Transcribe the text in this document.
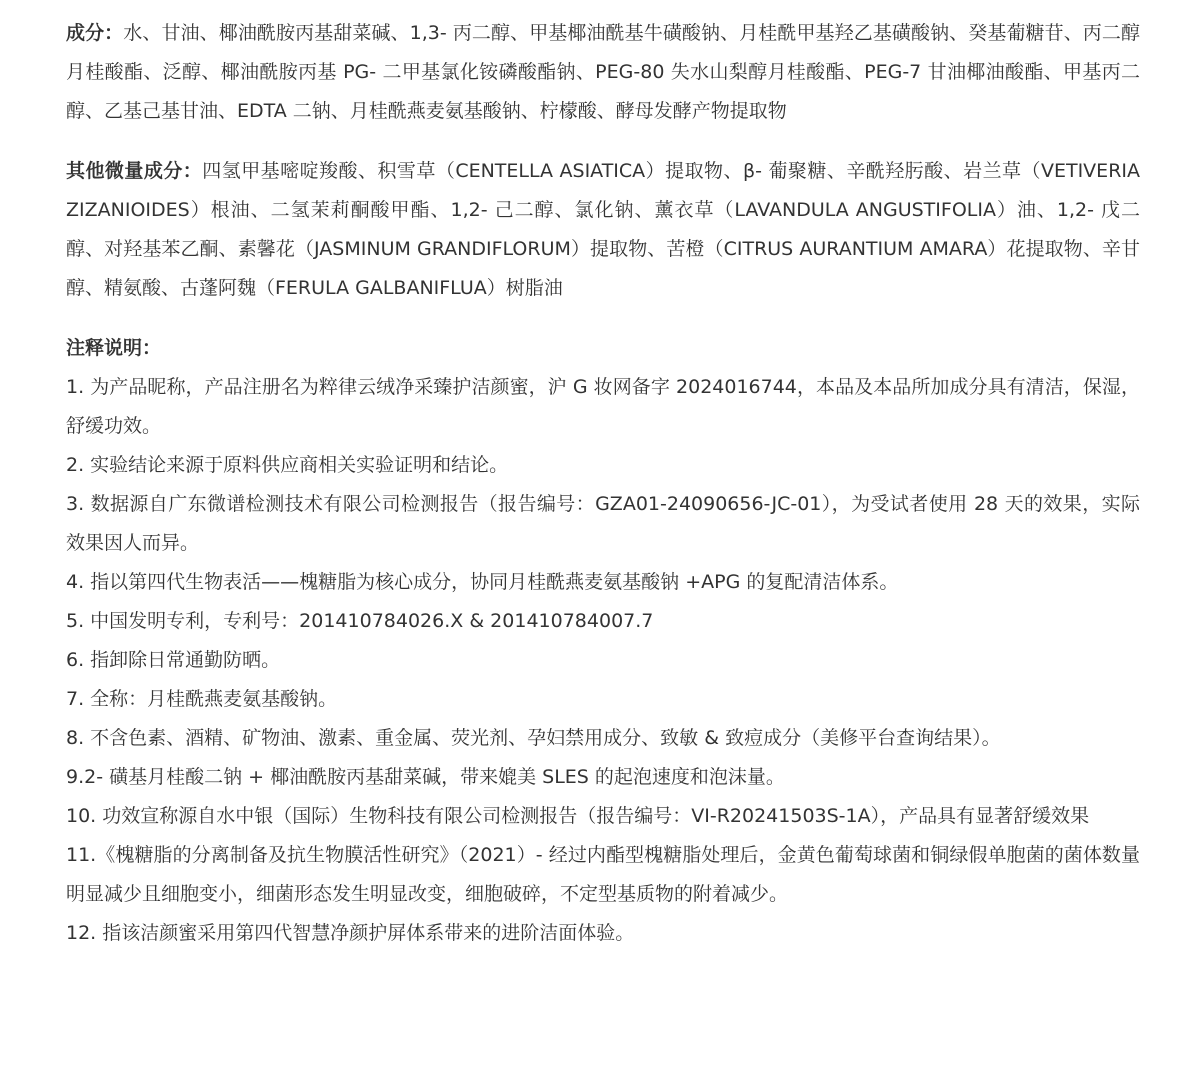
成分：水、甘油、椰油酰胺丙基甜菜碱、1,3- 丙二醇、甲基椰油酰基牛磺酸钠、月桂酰甲基羟乙基磺酸钠、癸基葡糖苷、丙二醇月桂酸酯、泛醇、椰油酰胺丙基 PG- 二甲基氯化铵磷酸酯钠、PEG-80 失水山梨醇月桂酸酯、PEG-7 甘油椰油酸酯、甲基丙二醇、乙基己基甘油、EDTA 二钠、月桂酰燕麦氨基酸钠、柠檬酸、酵母发酵产物提取物

其他微量成分：四氢甲基嘧啶羧酸、积雪草（CENTELLA ASIATICA）提取物、β- 葡聚糖、辛酰羟肟酸、岩兰草（VETIVERIA ZIZANIOIDES）根油、二氢茉莉酮酸甲酯、1,2- 己二醇、氯化钠、薰衣草（LAVANDULA ANGUSTIFOLIA）油、1,2- 戊二醇、对羟基苯乙酮、素馨花（JASMINUM GRANDIFLORUM）提取物、苦橙（CITRUS AURANTIUM AMARA）花提取物、辛甘醇、精氨酸、古蓬阿魏（FERULA GALBANIFLUA）树脂油

注释说明：

1. 为产品昵称，产品注册名为粹律云绒净采臻护洁颜蜜，沪 G 妆网备字 2024016744，本品及本品所加成分具有清洁，保湿，舒缓功效。
2. 实验结论来源于原料供应商相关实验证明和结论。
3. 数据源自广东微谱检测技术有限公司检测报告（报告编号：GZA01-24090656-JC-01），为受试者使用 28 天的效果，实际效果因人而异。
4. 指以第四代生物表活——槐糖脂为核心成分，协同月桂酰燕麦氨基酸钠 +APG 的复配清洁体系。
5. 中国发明专利，专利号：201410784026.X & 201410784007.7
6. 指卸除日常通勤防晒。
7. 全称：月桂酰燕麦氨基酸钠。
8. 不含色素、酒精、矿物油、激素、重金属、荧光剂、孕妇禁用成分、致敏 & 致痘成分（美修平台查询结果）。
9.2- 磺基月桂酸二钠 + 椰油酰胺丙基甜菜碱，带来媲美 SLES 的起泡速度和泡沫量。
10. 功效宣称源自水中银（国际）生物科技有限公司检测报告（报告编号：VI-R20241503S-1A），产品具有显著舒缓效果
11.《槐糖脂的分离制备及抗生物膜活性研究》（2021）- 经过内酯型槐糖脂处理后，金黄色葡萄球菌和铜绿假单胞菌的菌体数量明显减少且细胞变小，细菌形态发生明显改变，细胞破碎，不定型基质物的附着减少。
12. 指该洁颜蜜采用第四代智慧净颜护屏体系带来的进阶洁面体验。
